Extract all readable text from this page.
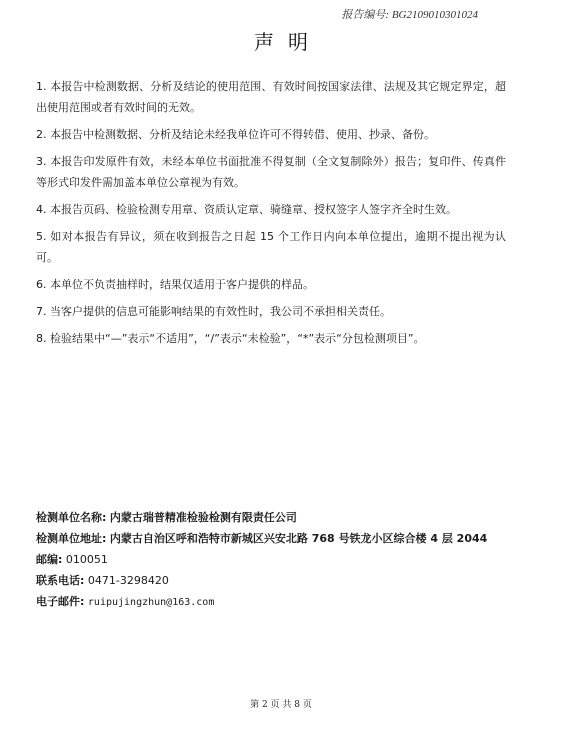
报告编号: BG2109010301024
声明
1. 本报告中检测数据、分析及结论的使用范围、有效时间按国家法律、法规及其它规定界定，超出使用范围或者有效时间的无效。
2. 本报告中检测数据、分析及结论未经我单位许可不得转借、使用、抄录、备份。
3. 本报告印发原件有效，未经本单位书面批准不得复制（全文复制除外）报告；复印件、传真件等形式印发件需加盖本单位公章视为有效。
4. 本报告页码、检验检测专用章、资质认定章、骑缝章、授权签字人签字齐全时生效。
5. 如对本报告有异议，须在收到报告之日起 15 个工作日内向本单位提出，逾期不提出视为认可。
6. 本单位不负责抽样时，结果仅适用于客户提供的样品。
7. 当客户提供的信息可能影响结果的有效性时，我公司不承担相关责任。
8. 检验结果中“—”表示“不适用”，“/”表示“未检验”，“*”表示“分包检测项目”。
检测单位名称: 内蒙古瑞普精准检验检测有限责任公司
检测单位地址: 内蒙古自治区呼和浩特市新城区兴安北路 768 号铁龙小区综合楼 4 层 2044
邮编: 010051
联系电话: 0471-3298420
电子邮件: ruipujingzhun@163.com
第 2 页 共 8 页
